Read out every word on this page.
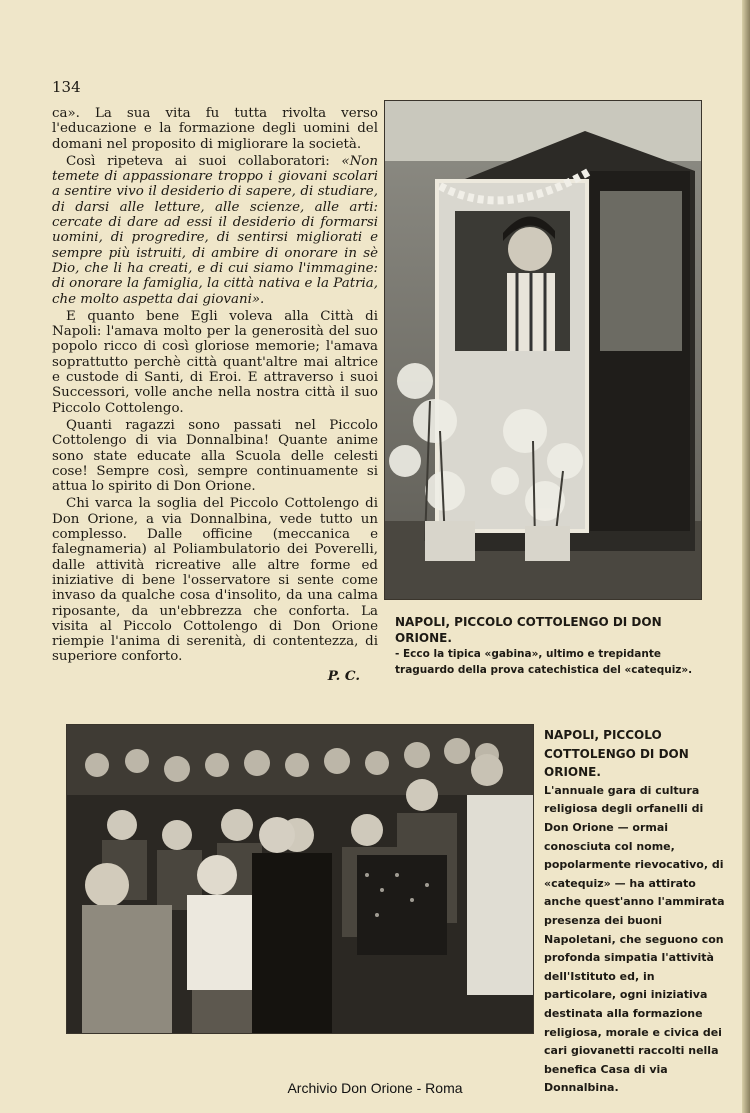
134

ca». La sua vita fu tutta rivolta verso l'educazione e la formazione degli uomini del domani nel proposito di migliorare la società.

Così ripeteva ai suoi collaboratori: «Non temete di appassionare troppo i giovani scolari a sentire vivo il desiderio di sapere, di studiare, di darsi alle letture, alle scienze, alle arti: cercate di dare ad essi il desiderio di formarsi uomini, di progredire, di sentirsi migliorati e sempre più istruiti, di ambire di onorare in sè Dio, che li ha creati, e di cui siamo l'immagine: di onorare la famiglia, la città nativa e la Patria, che molto aspetta dai giovani».

E quanto bene Egli voleva alla Città di Napoli: l'amava molto per la generosità del suo popolo ricco di così gloriose memorie; l'amava soprattutto perchè città quant'altre mai altrice e custode di Santi, di Eroi. E attraverso i suoi Successori, volle anche nella nostra città il suo Piccolo Cottolengo.

Quanti ragazzi sono passati nel Piccolo Cottolengo di via Donnalbina! Quante anime sono state educate alla Scuola delle celesti cose! Sempre così, sempre continuamente si attua lo spirito di Don Orione.

Chi varca la soglia del Piccolo Cottolengo di Don Orione, a via Donnalbina, vede tutto un complesso. Dalle officine (meccanica e falegnameria) al Poliambulatorio dei Poverelli, dalle attività ricreative alle altre forme ed iniziative di bene l'osservatore si sente come invaso da qualche cosa d'insolito, da una calma riposante, da un'ebbrezza che conforta. La visita al Piccolo Cottolengo di Don Orione riempie l'anima di serenità, di contentezza, di superiore conforto.

P. C.
NAPOLI, PICCOLO COTTOLENGO DI DON ORIONE.
- Ecco la tipica «gabina», ultimo e trepidante traguardo della prova catechistica del «catequiz».
NAPOLI, PICCOLO COTTOLENGO DI DON ORIONE.
L'annuale gara di cultura religiosa degli orfanelli di Don Orione — ormai conosciuta col nome, popolarmente rievocativo, di «catequiz» — ha attirato anche quest'anno l'ammirata presenza dei buoni Napoletani, che seguono con profonda simpatia l'attività dell'Istituto ed, in particolare, ogni iniziativa destinata alla formazione religiosa, morale e civica dei cari giovanetti raccolti nella benefica Casa di via Donnalbina.
Archivio Don Orione - Roma
